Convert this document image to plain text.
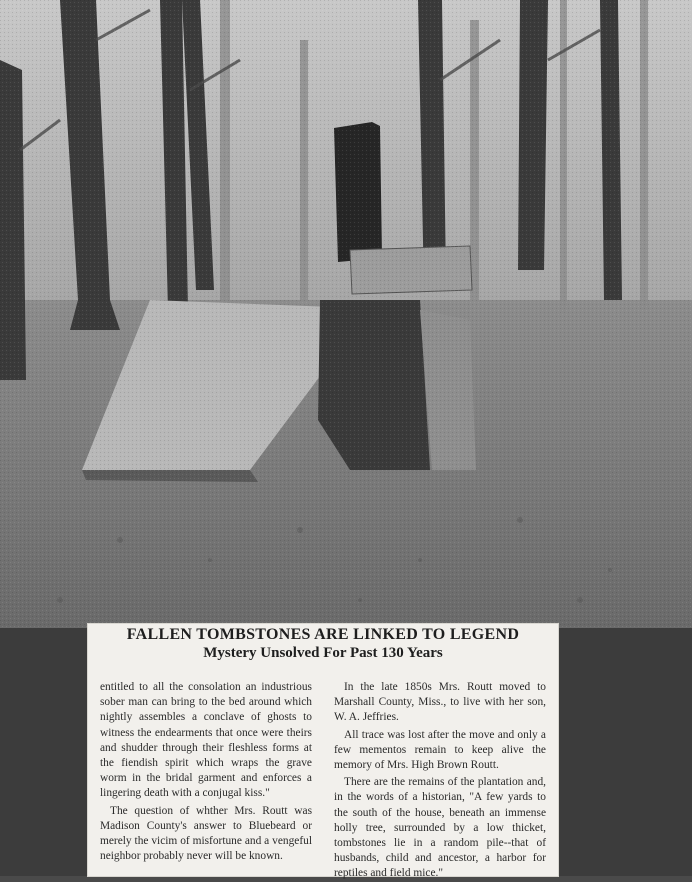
FALLEN TOMBSTONES ARE LINKED TO LEGEND
Mystery Unsolved For Past 130 Years

entitled to all the consolation an industrious sober man can bring to the bed around which nightly assembles a conclave of ghosts to witness the endearments that once were theirs and shudder through their fleshless forms at the fiendish spirit which wraps the grave worm in the bridal garment and enforces a lingering death with a conjugal kiss."

The question of whther Mrs. Routt was Madison County's answer to Bluebeard or merely the vicim of misfortune and a vengeful neighbor probably never will be known.

In the late 1850s Mrs. Routt moved to Marshall County, Miss., to live with her son, W. A. Jeffries.

All trace was lost after the move and only a few mementos remain to keep alive the memory of Mrs. High Brown Routt.

There are the remains of the plantation and, in the words of a historian, "A few yards to the south of the house, beneath an immense holly tree, surrounded by a low thicket, tombstones lie in a random pile--that of husbands, child and ancestor, a harbor for reptiles and field mice."
